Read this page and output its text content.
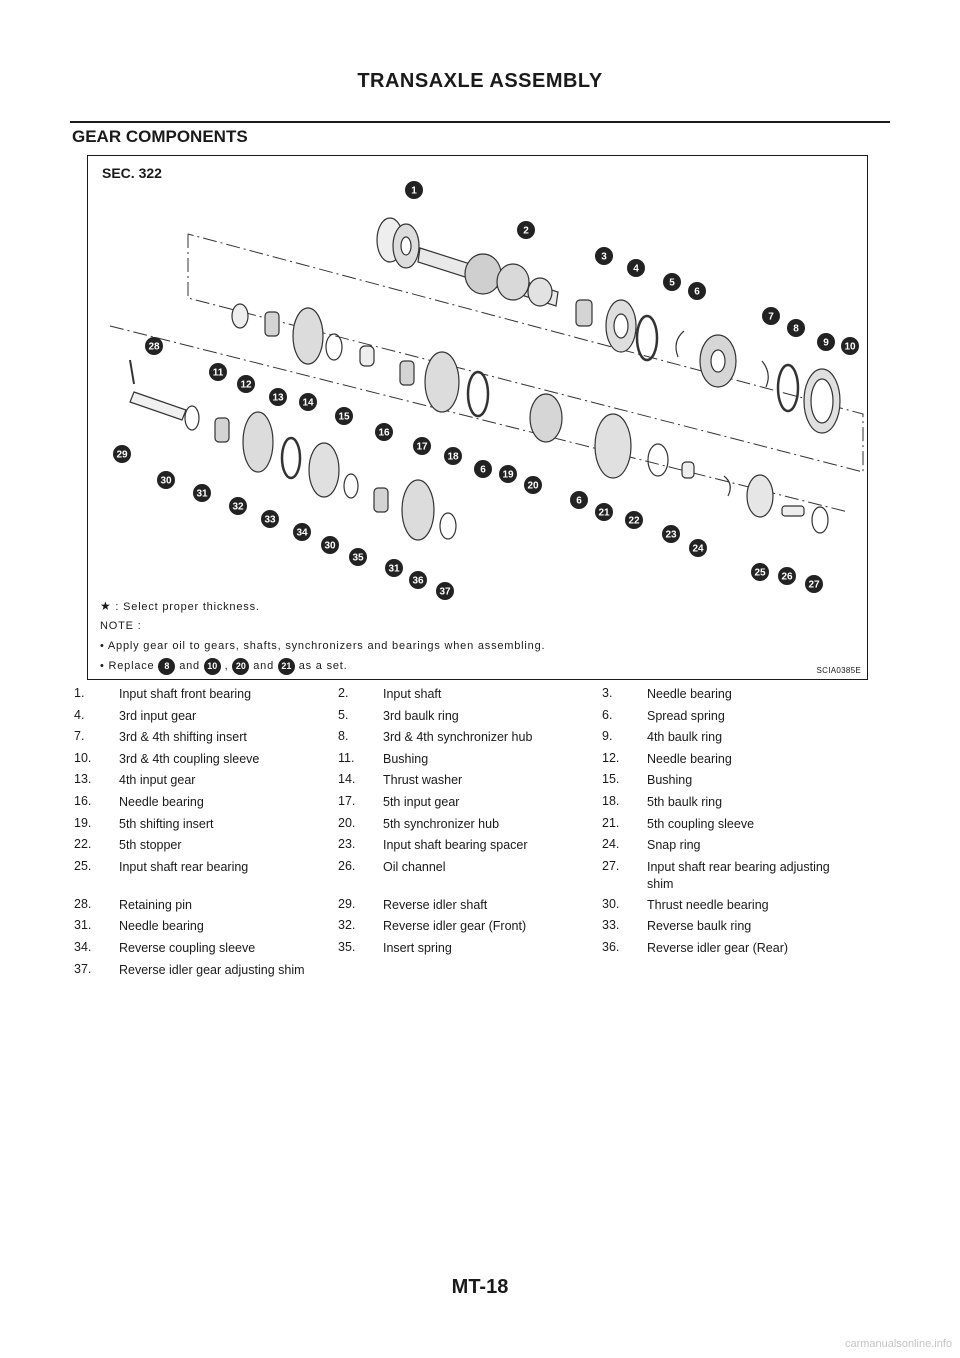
TRANSAXLE ASSEMBLY
GEAR COMPONENTS
SEC. 322
1
2
3
4
5
6
7
8
9 10
11
12
13 14
15
16
17
18
6 19
20
6
21
22
23
24
25 26
27
28
29
30
31
32
33
34
30
35
31
36
37
★ : Select proper thickness.
NOTE :
• Apply gear oil to gears, shafts, synchronizers and bearings when assembling.
• Replace 8 and 10 , 20 and 21 as a set.	SCIA0385E
1.	Input shaft front bearing	2.	Input shaft	3.	Needle bearing
4.	3rd input gear	5.	3rd baulk ring	6.	Spread spring
7.	3rd & 4th shifting insert	8.	3rd & 4th synchronizer hub	9.	4th baulk ring
10.	3rd & 4th coupling sleeve	11.	Bushing	12.	Needle bearing
13.	4th input gear	14.	Thrust washer	15.	Bushing
16.	Needle bearing	17.	5th input gear	18.	5th baulk ring
19.	5th shifting insert	20.	5th synchronizer hub	21.	5th coupling sleeve
22.	5th stopper	23.	Input shaft bearing spacer	24.	Snap ring
25.	Input shaft rear bearing	26.	Oil channel	27.	Input shaft rear bearing adjusting shim
28.	Retaining pin	29.	Reverse idler shaft	30.	Thrust needle bearing
31.	Needle bearing	32.	Reverse idler gear (Front)	33.	Reverse baulk ring
34.	Reverse coupling sleeve	35.	Insert spring	36.	Reverse idler gear (Rear)
37.	Reverse idler gear adjusting shim
MT-18
carmanualsonline.info
